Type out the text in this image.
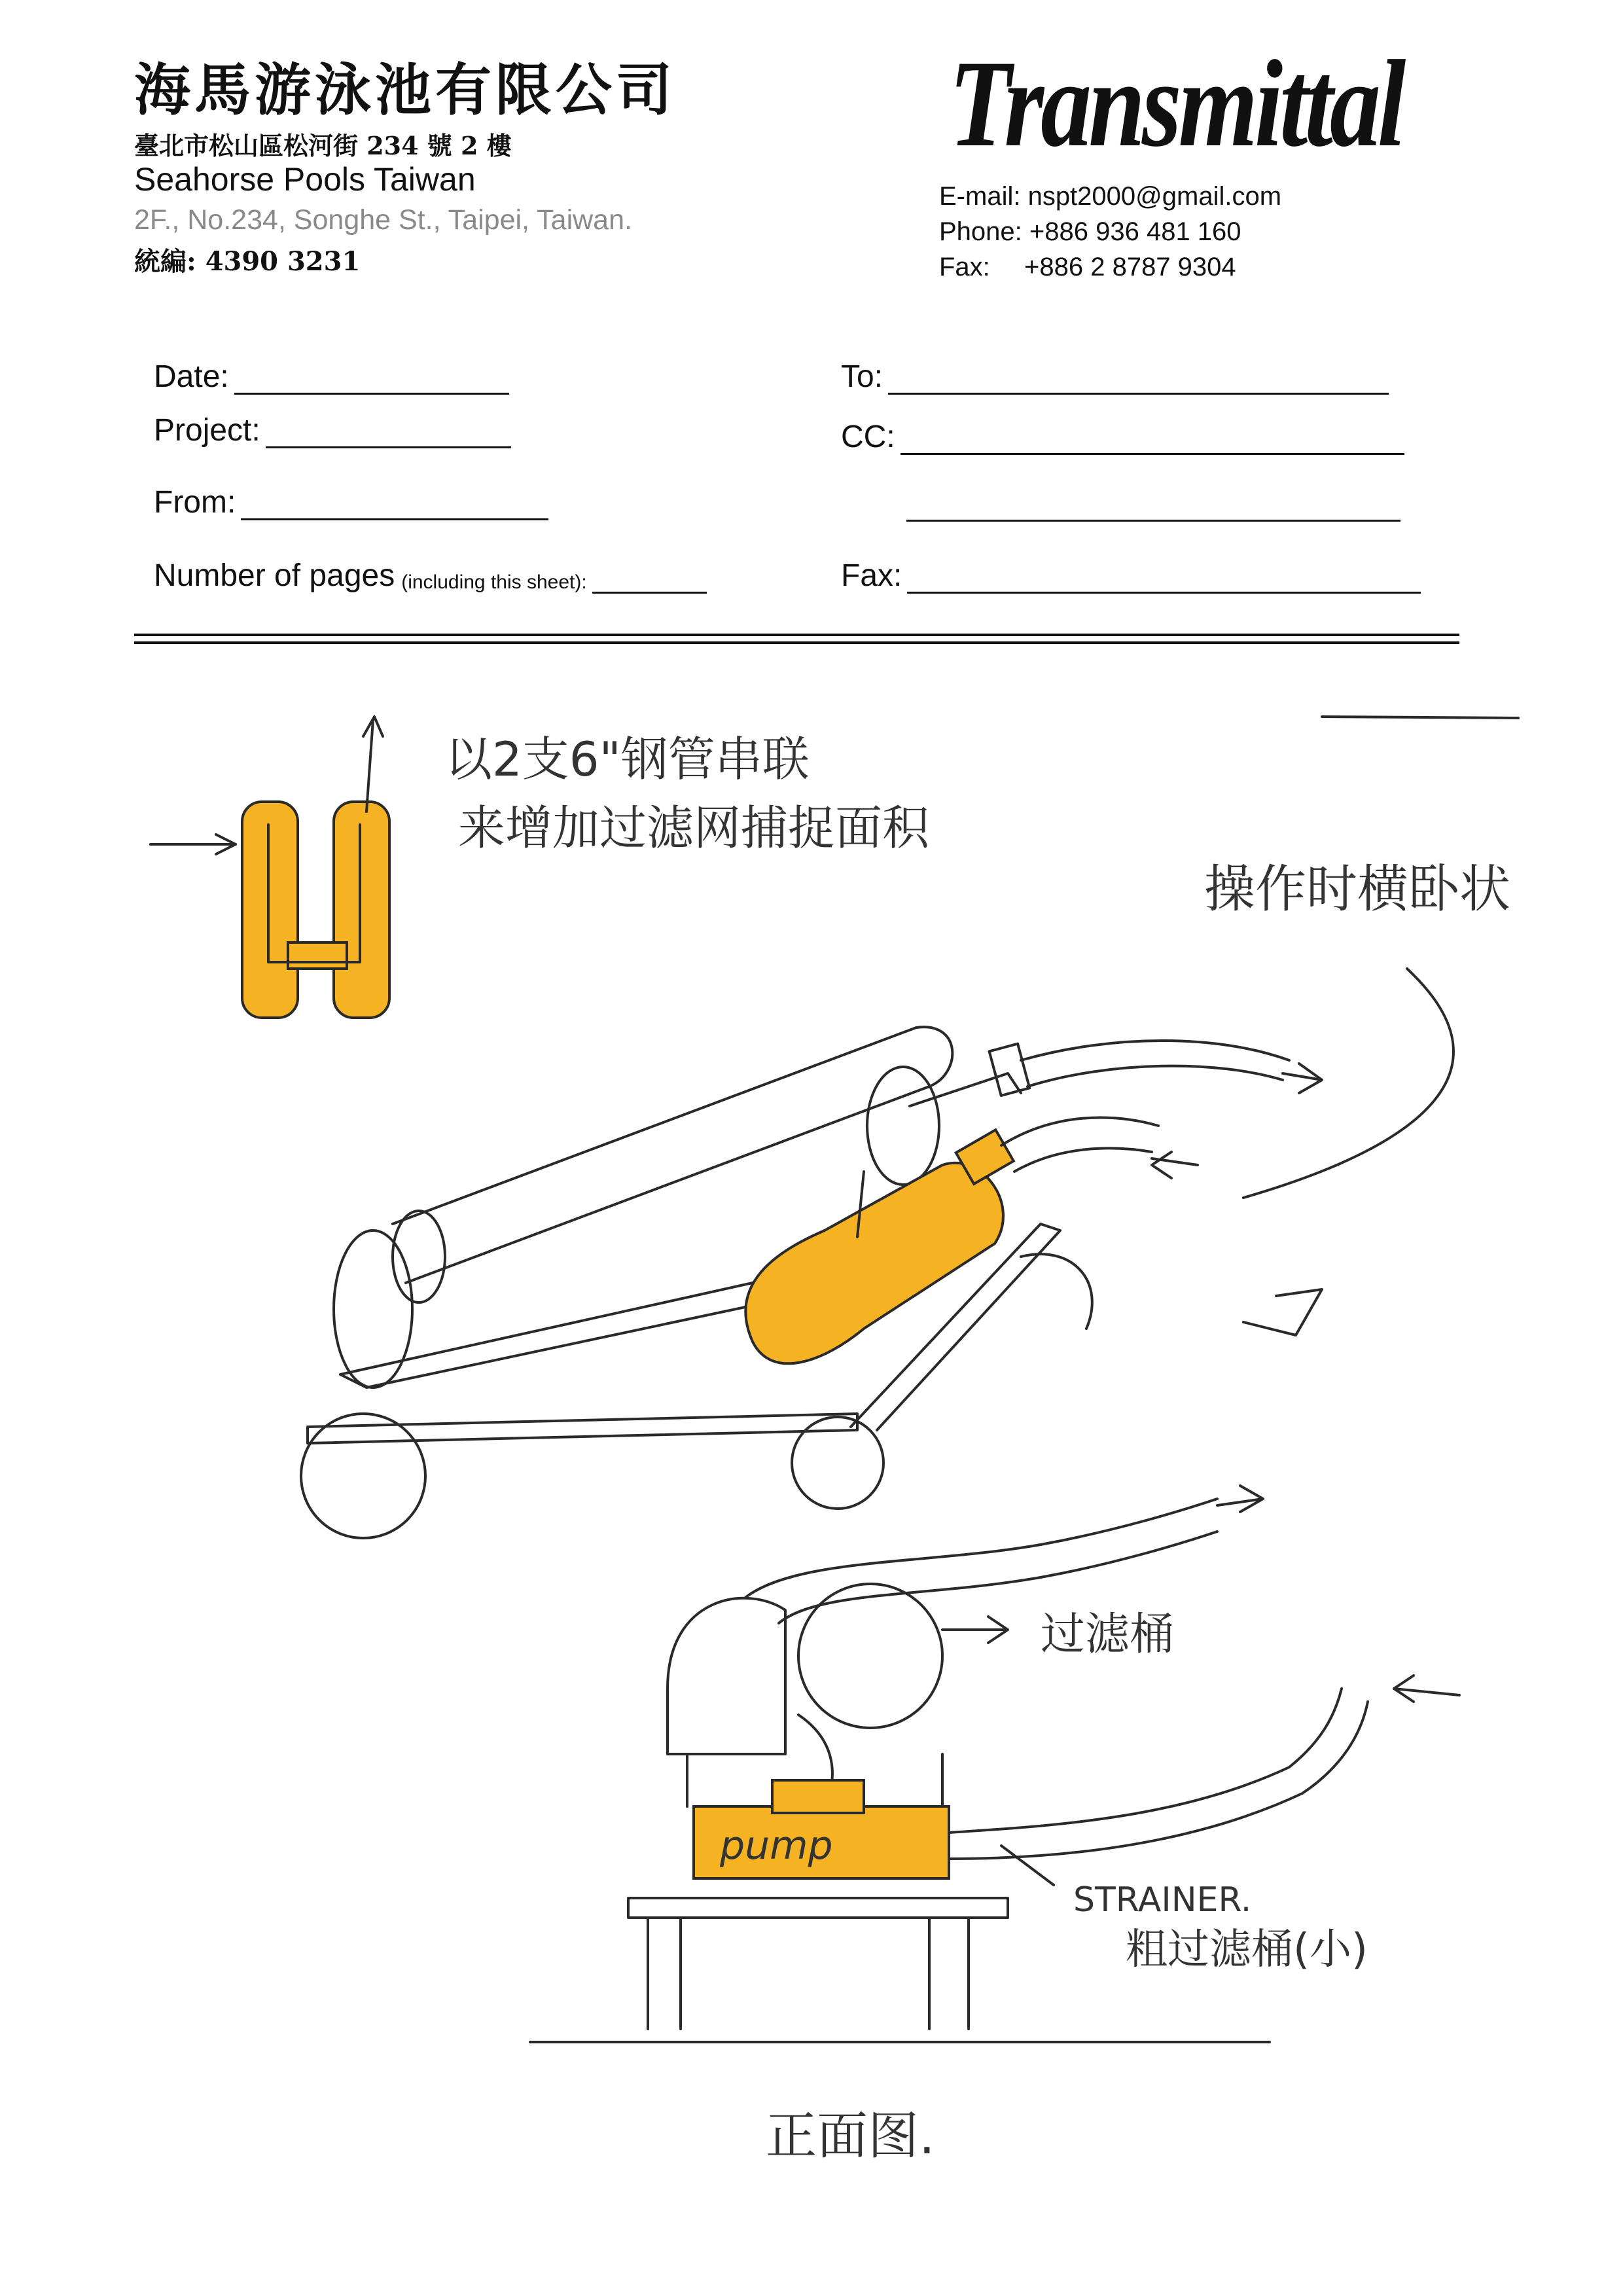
海馬游泳池有限公司
臺北市松山區松河街 234 號 2 樓
Seahorse Pools Taiwan
2F., No.234, Songhe St., Taipei, Taiwan.
統編: 4390 3231
Transmittal
E-mail: nspt2000@gmail.com
Phone: +886 936 481 160
Fax: +886 2 8787 9304
Date:
Project:
From:
Number of pages (including this sheet):
To:
CC:
Fax:
以2支6"钢管串联
来增加过滤网捕捉面积
操作时横卧状
过滤桶
pump
STRAINER.
粗过滤桶(小)
正面图.
